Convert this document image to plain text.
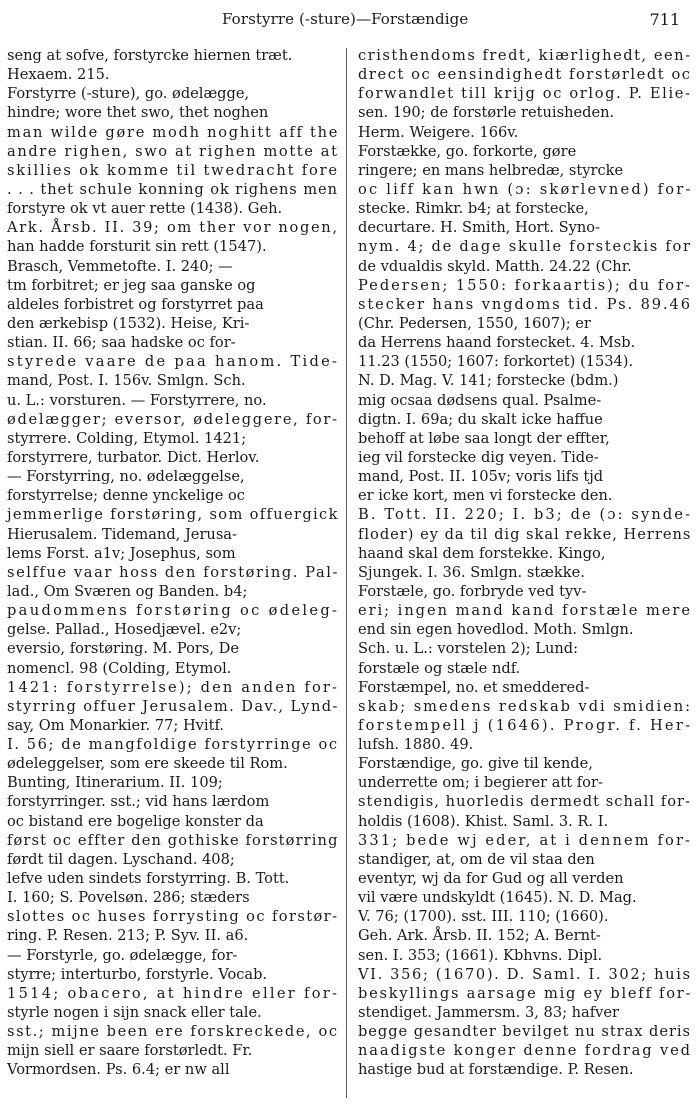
Forstyrre (-sture)—Forstændige	711
seng at sofve, forstyrcke hiernen træt.
Hexaem. 215.
Forstyrre (-sture), go. ødelægge,
hindre; wore thet swo, thet noghen
man wilde gøre modh noghitt aff the
andre righen, swo at righen motte at
skillies ok komme til twedracht fore
. . . thet schule konning ok righens men
forstyre ok vt auer rette (1438). Geh.
Ark. Årsb. II. 39; om ther vor nogen,
han hadde forsturit sin rett (1547).
Brasch, Vemmetofte. I. 240; —
tm forbitret; er jeg saa ganske og
aldeles forbistret og forstyrret paa
den ærkebisp (1532). Heise, Kri-
stian. II. 66; saa hadske oc for-
styrede vaare de paa hanom. Tide-
mand, Post. I. 156v. Smlgn. Sch.
u. L.: vorsturen. — Forstyrrere, no.
ødelægger; eversor, ødeleggere, for-
styrrere. Colding, Etymol. 1421;
forstyrrere, turbator. Dict. Herlov.
— Forstyrring, no. ødelæggelse,
forstyrrelse; denne ynckelige oc
jemmerlige forstøring, som offuergick
Hierusalem. Tidemand, Jerusa-
lems Forst. a1v; Josephus, som
selffue vaar hoss den forstøring. Pal-
lad., Om Sværen og Banden. b4;
paudommens forstøring oc ødeleg-
gelse. Pallad., Hosedjævel. e2v;
eversio, forstøring. M. Pors, De
nomencl. 98 (Colding, Etymol.
1421: forstyrrelse); den anden for-
styrring offuer Jerusalem. Dav., Lynd-
say, Om Monarkier. 77; Hvitf.
I. 56; de mangfoldige forstyrringe oc
ødeleggelser, som ere skeede til Rom.
Bunting, Itinerarium. II. 109;
forstyrringer. sst.; vid hans lærdom
oc bistand ere bogelige konster da
først oc effter den gothiske forstørring
førdt til dagen. Lyschand. 408;
lefve uden sindets forstyrring. B. Tott.
I. 160; S. Povelsøn. 286; stæders
slottes oc huses forrysting oc forstør-
ring. P. Resen. 213; P. Syv. II. a6.
— Forstyrle, go. ødelægge, for-
styrre; interturbo, forstyrle. Vocab.
1514; obacero, at hindre eller for-
styrle nogen i sijn snack eller tale.
sst.; mijne been ere forskreckede, oc
mijn siell er saare forstørledt. Fr.
Vormordsen. Ps. 6.4; er nw all
cristhendoms fredt, kiærlighedt, een-
drect oc eensindighedt forstørledt oc
forwandlet till krijg oc orlog. P. Elie-
sen. 190; de forstørle retuisheden.
Herm. Weigere. 166v.
Forstække, go. forkorte, gøre
ringere; en mans helbredæ, styrcke
oc liff kan hwn (ɔ: skørlevned) for-
stecke. Rimkr. b4; at forstecke,
decurtare. H. Smith, Hort. Syno-
nym. 4; de dage skulle forsteckis for
de vdualdis skyld. Matth. 24.22 (Chr.
Pedersen; 1550: forkaartis); du for-
stecker hans vngdoms tid. Ps. 89.46
(Chr. Pedersen, 1550, 1607); er
da Herrens haand forstecket. 4. Msb.
11.23 (1550; 1607: forkortet) (1534).
N. D. Mag. V. 141; forstecke (bdm.)
mig ocsaa dødsens qual. Psalme-
digtn. I. 69a; du skalt icke haffue
behoff at løbe saa longt der effter,
ieg vil forstecke dig veyen. Tide-
mand, Post. II. 105v; voris lifs tjd
er icke kort, men vi forstecke den.
B. Tott. II. 220; I. b3; de (ɔ: synde-
floder) ey da til dig skal rekke, Herrens
haand skal dem forstekke. Kingo,
Sjungek. I. 36. Smlgn. stække.
Forstæle, go. forbryde ved tyv-
eri; ingen mand kand forstæle mere
end sin egen hovedlod. Moth. Smlgn.
Sch. u. L.: vorstelen 2); Lund:
forstæle og stæle ndf.
Forstæmpel, no. et smeddered-
skab; smedens redskab vdi smidien:
forstempell j (1646). Progr. f. Her-
lufsh. 1880. 49.
Forstændige, go. give til kende,
underrette om; i begierer att for-
stendigis, huorledis dermedt schall for-
holdis (1608). Khist. Saml. 3. R. I.
331; bede wj eder, at i dennem for-
standiger, at, om de vil staa den
eventyr, wj da for Gud og all verden
vil være undskyldt (1645). N. D. Mag.
V. 76; (1700). sst. III. 110; (1660).
Geh. Ark. Årsb. II. 152; A. Bernt-
sen. I. 353; (1661). Kbhvns. Dipl.
VI. 356; (1670). D. Saml. I. 302; huis
beskyllings aarsage mig ey bleff for-
stendiget. Jammersm. 3, 83; hafver
begge gesandter bevilget nu strax deris
naadigste konger denne fordrag ved
hastige bud at forstændige. P. Resen.
